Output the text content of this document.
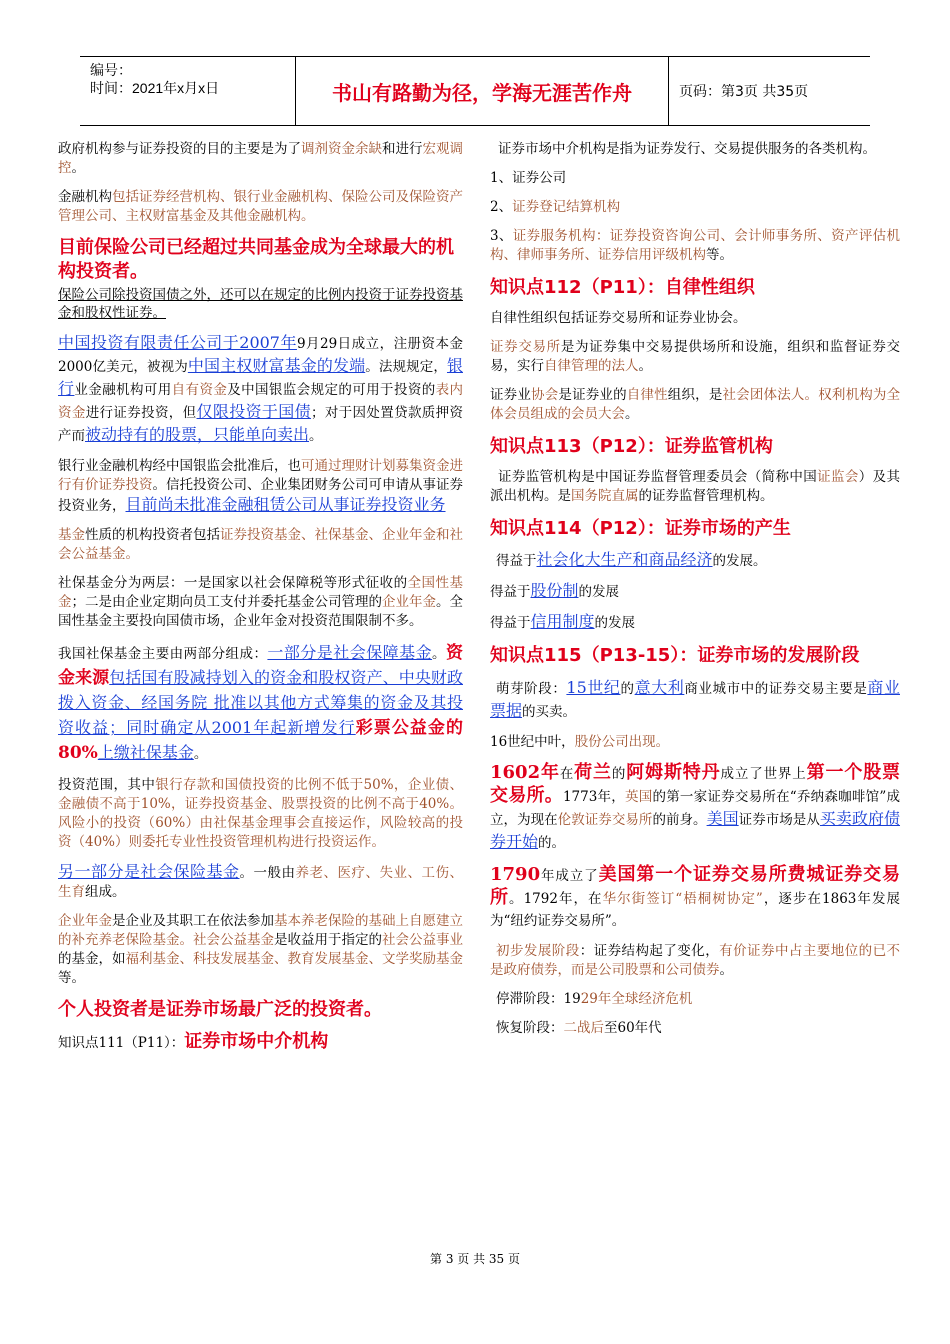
编号：
时间：2021年x月x日	书山有路勤为径，学海无涯苦作舟	页码：第3页 共35页

政府机构参与证券投资的目的主要是为了调剂资金余缺和进行宏观调控。

金融机构包括证券经营机构、银行业金融机构、保险公司及保险资产管理公司、主权财富基金及其他金融机构。

目前保险公司已经超过共同基金成为全球最大的机构投资者。

保险公司除投资国债之外，还可以在规定的比例内投资于证券投资基金和股权性证券。

中国投资有限责任公司于2007年9月29日成立，注册资本金2000亿美元，被视为中国主权财富基金的发端。法规规定，银行业金融机构可用自有资金及中国银监会规定的可用于投资的表内资金进行证券投资，但仅限投资于国债；对于因处置贷款质押资产而被动持有的股票，只能单向卖出。

银行业金融机构经中国银监会批准后，也可通过理财计划募集资金进行有价证券投资。信托投资公司、企业集团财务公司可申请从事证券投资业务，目前尚未批准金融租赁公司从事证券投资业务

基金性质的机构投资者包括证券投资基金、社保基金、企业年金和社会公益基金。

社保基金分为两层：一是国家以社会保障税等形式征收的全国性基金；二是由企业定期向员工支付并委托基金公司管理的企业年金。全国性基金主要投向国债市场，企业年金对投资范围限制不多。

我国社保基金主要由两部分组成：一部分是社会保障基金。资金来源包括国有股减持划入的资金和股权资产、中央财政拨入资金、经国务院 批准以其他方式筹集的资金及其投资收益；同时确定从2001年起新增发行彩票公益金的80%上缴社保基金。

投资范围，其中银行存款和国债投资的比例不低于50%，企业债、金融债不高于10%，证券投资基金、股票投资的比例不高于40%。风险小的投资（60%）由社保基金理事会直接运作，风险较高的投资（40%）则委托专业性投资管理机构进行投资运作。

另一部分是社会保险基金。一般由养老、医疗、失业、工伤、生育组成。

企业年金是企业及其职工在依法参加基本养老保险的基础上自愿建立的补充养老保险基金。社会公益基金是收益用于指定的社会公益事业的基金，如福利基金、科技发展基金、教育发展基金、文学奖励基金等。

个人投资者是证券市场最广泛的投资者。

知识点111（P11）：证券市场中介机构

证券市场中介机构是指为证券发行、交易提供服务的各类机构。

1、证券公司

2、证券登记结算机构

3、证券服务机构：证券投资咨询公司、会计师事务所、资产评估机构、律师事务所、证券信用评级机构等。

知识点112（P11）：自律性组织

自律性组织包括证券交易所和证券业协会。

证券交易所是为证券集中交易提供场所和设施，组织和监督证券交易，实行自律管理的法人。

证券业协会是证券业的自律性组织，是社会团体法人。权利机构为全体会员组成的会员大会。

知识点113（P12）：证券监管机构

证券监管机构是中国证券监督管理委员会（简称中国证监会）及其派出机构。是国务院直属的证券监督管理机构。

知识点114（P12）：证券市场的产生

得益于社会化大生产和商品经济的发展。

得益于股份制的发展

得益于信用制度的发展

知识点115（P13-15）：证券市场的发展阶段

萌芽阶段：15世纪的意大利商业城市中的证券交易主要是商业票据的买卖。

16世纪中叶，股份公司出现。

1602年在荷兰的阿姆斯特丹成立了世界上第一个股票交易所。1773年，英国的第一家证券交易所在“乔纳森咖啡馆”成立，为现在伦敦证券交易所的前身。美国证券市场是从买卖政府债券开始的。

1790年成立了美国第一个证券交易所费城证券交易所。1792年，在华尔街签订“梧桐树协定”，逐步在1863年发展为“纽约证券交易所”。

初步发展阶段：证券结构起了变化，有价证券中占主要地位的已不是政府债券，而是公司股票和公司债券。

停滞阶段：1929年全球经济危机

恢复阶段：二战后至60年代

第 3 页 共 35 页
